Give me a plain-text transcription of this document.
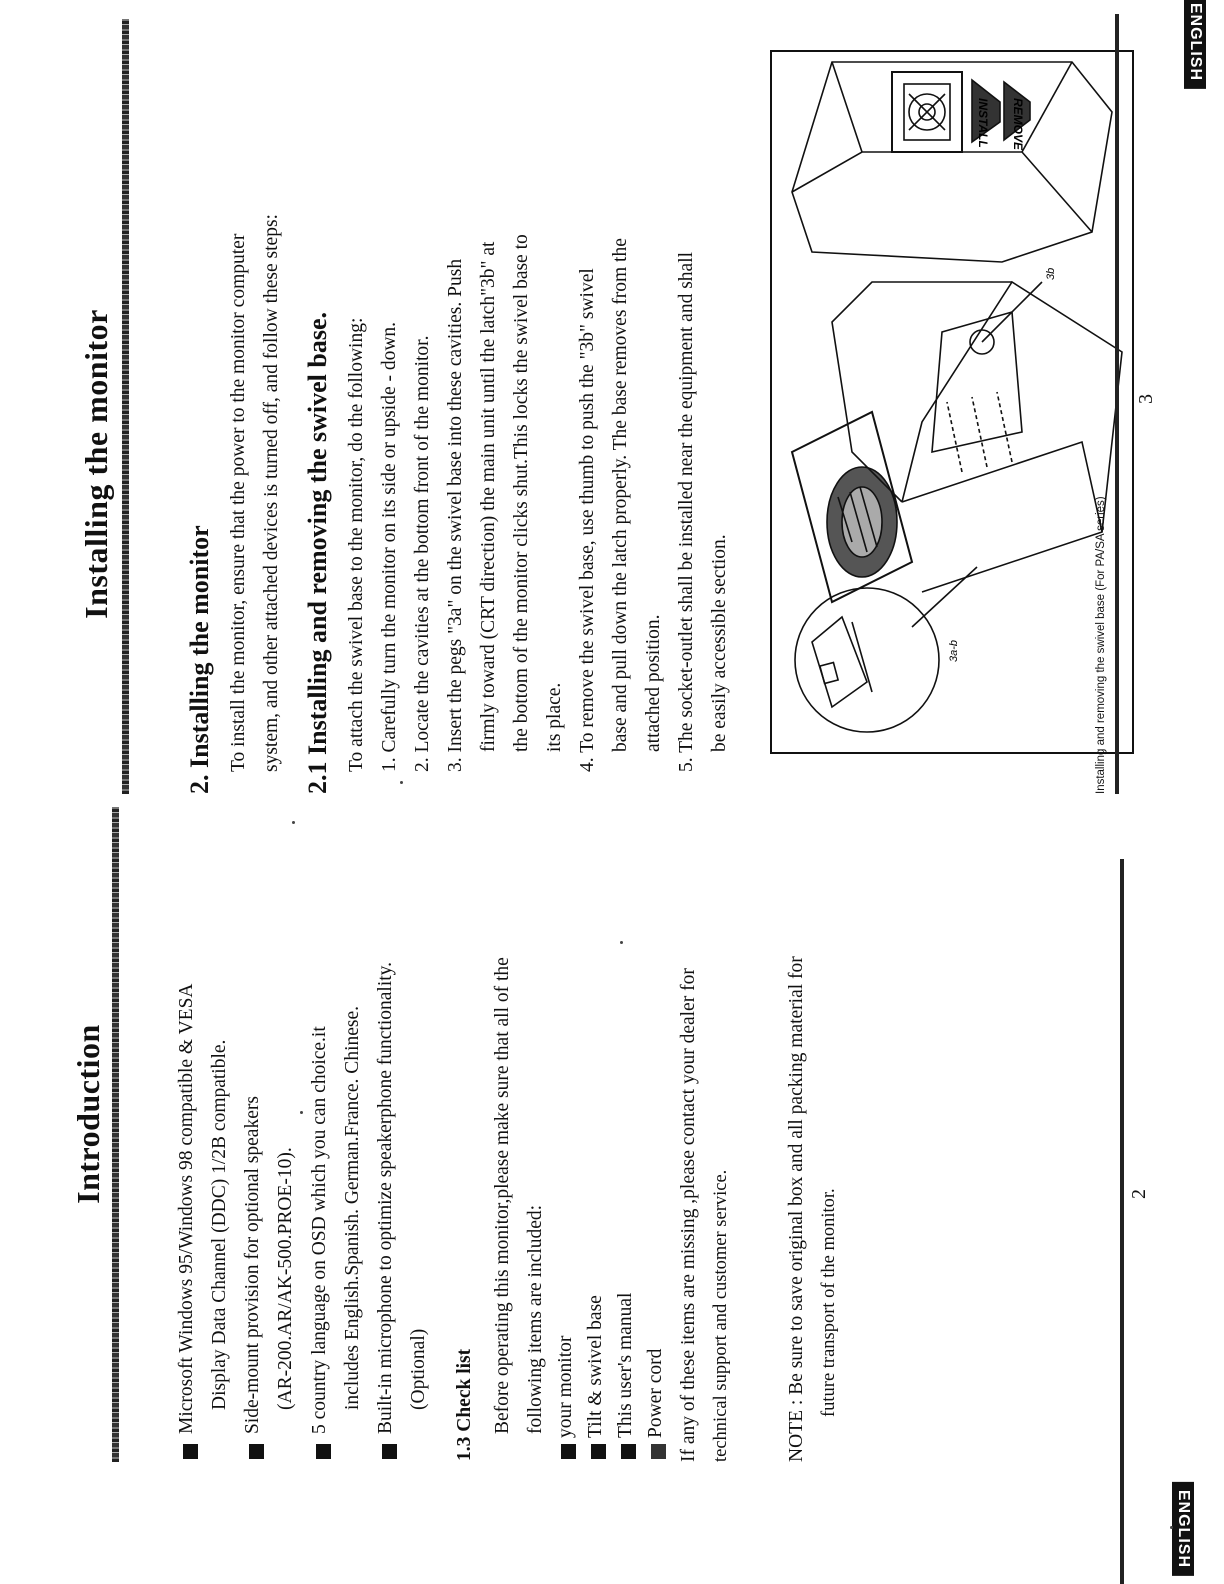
ENGLISH
Introduction	Microsoft Windows 95/Windows 98 compatible & VESA Display Data Channel (DDC) 1/2B compatible. Side-mount provision for optional speakers (AR-200.AR/AK-500.PROE-10). 5 country language on OSD which you can choice.it includes English.Spanish. German.France. Chinese. Built-in microphone to optimize speakerphone functionality. (Optional)	1.3 Check list Before operating this monitor,please make sure that all of the following items are included: your monitor Tilt & swivel base This user's manual Power cord If any of these items are missing ,please contact your dealer for technical support and customer service.	NOTE : Be sure to save original box and all packing material for future transport of the monitor.	2
Installing the monitor
2. Installing the monitor To install the monitor, ensure that the power to the monitor computer system, and other attached devices is turned off, and follow these steps: 2.1 Installing and removing the swivel base. To attach the swivel base to the monitor, do the following: 1. Carefully turn the monitor on its side or upside - down. 2. Locate the cavities at the bottom front of the monitor. 3. Insert the pegs "3a" on the swivel base into these cavities. Push firmly toward (CRT direction) the main unit until the latch"3b" at the bottom of the monitor clicks shut.This locks the swivel base to its place. 4. To remove the swivel base, use thumb to push the "3b" swivel base and pull down the latch properly. The base removes from the attached position. 5. The socket-outlet shall be installed near the equipment and shall be easily accessible section.	3a-b
3b
INSTALL REMOVE
Installing and removing the swivel base (For PA/SA series)
3
ENGLISH
